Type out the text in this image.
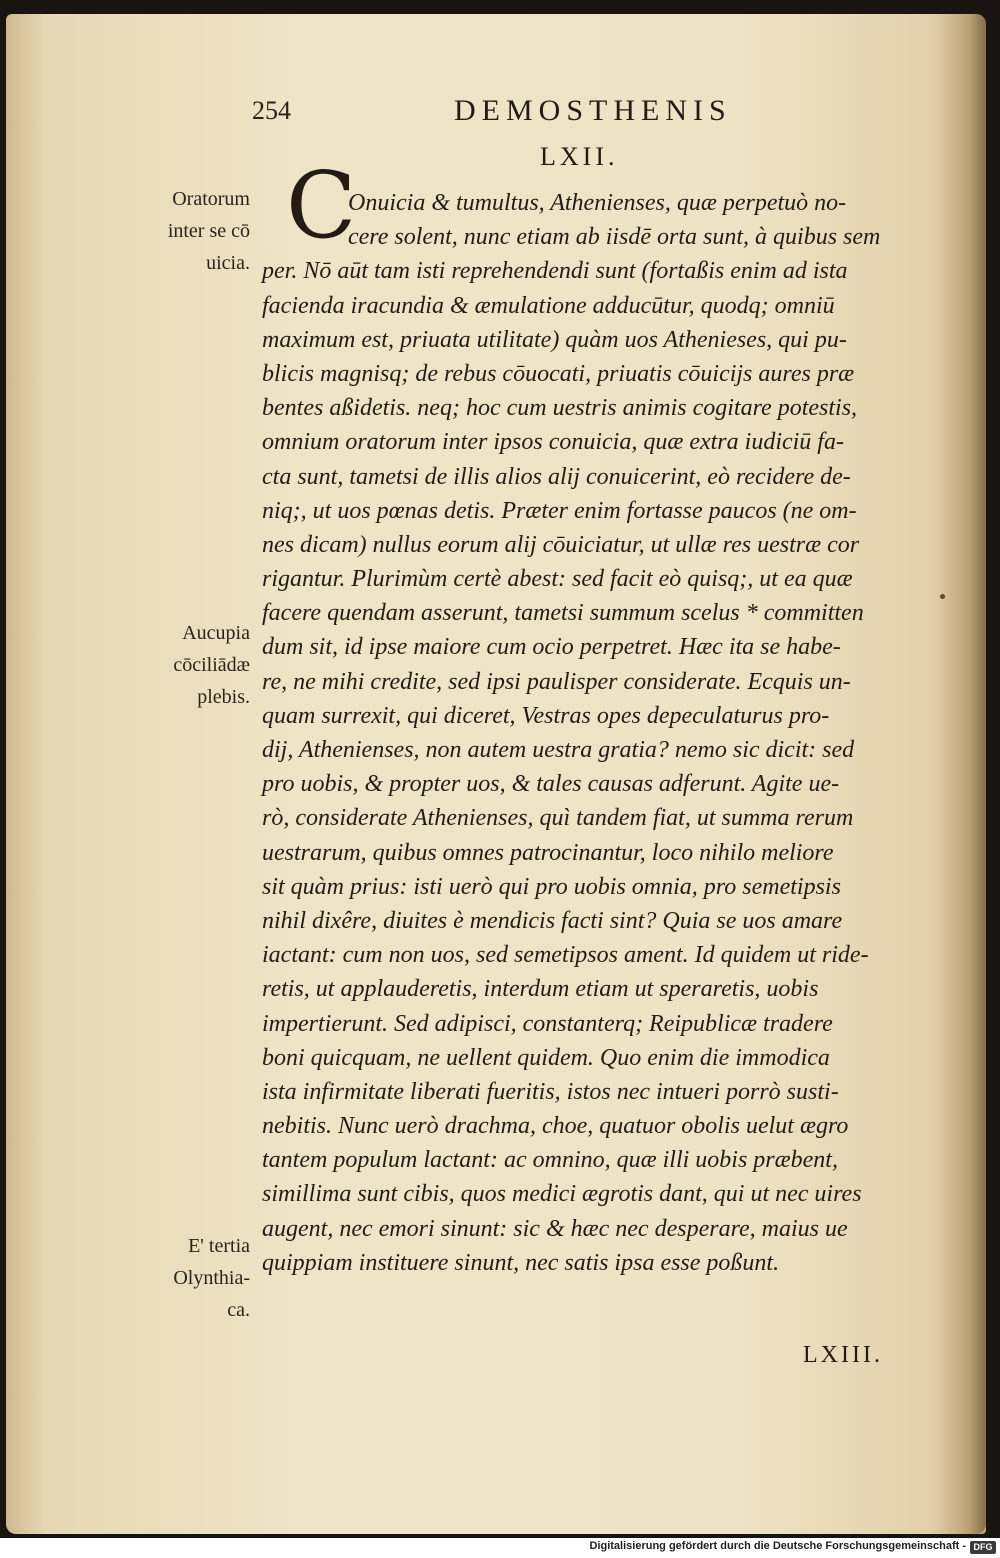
254	DEMOSTHENIS
LXII.
Oratorum
inter se cō
uicia.
Aucupia
cōciliādæ
plebis.
E' tertia
Olynthia-
ca.
C
Onuicia & tumultus, Athenienses, quæ perpetuò no-
cere solent, nunc etiam ab iisdē orta sunt, à quibus sem
per. Nō aūt tam isti reprehendendi sunt (fortaßis enim ad ista
facienda iracundia & æmulatione adducūtur, quodq; omniū
maximum est, priuata utilitate) quàm uos Athenieses, qui pu-
blicis magnisq; de rebus cōuocati, priuatis cōuicijs aures præ
bentes aßidetis. neq; hoc cum uestris animis cogitare potestis,
omnium oratorum inter ipsos conuicia, quæ extra iudiciū fa-
cta sunt, tametsi de illis alios alij conuicerint, eò recidere de-
niq;, ut uos pœnas detis. Præter enim fortasse paucos (ne om-
nes dicam) nullus eorum alij cōuiciatur, ut ullæ res uestræ cor
rigantur. Plurimùm certè abest: sed facit eò quisq;, ut ea quæ
facere quendam asserunt, tametsi summum scelus * committen
dum sit, id ipse maiore cum ocio perpetret. Hæc ita se habe-
re, ne mihi credite, sed ipsi paulisper considerate. Ecquis un-
quam surrexit, qui diceret, Vestras opes depeculaturus pro-
dij, Athenienses, non autem uestra gratia? nemo sic dicit: sed
pro uobis, & propter uos, & tales causas adferunt. Agite ue-
rò, considerate Athenienses, quì tandem fiat, ut summa rerum
uestrarum, quibus omnes patrocinantur, loco nihilo meliore
sit quàm prius: isti uerò qui pro uobis omnia, pro semetipsis
nihil dixêre, diuites è mendicis facti sint? Quia se uos amare
iactant: cum non uos, sed semetipsos ament. Id quidem ut ride-
retis, ut applauderetis, interdum etiam ut sperаretis, uobis
impertierunt. Sed adipisci, constanterq; Reipublicæ tradere
boni quicquam, ne uellent quidem. Quo enim die immodica
ista infirmitate liberati fueritis, istos nec intueri porrò susti-
nebitis. Nunc uerò drachma, choe, quatuor obolis uelut ægro
tantem populum lactant: ac omnino, quæ illi uobis præbent,
simillima sunt cibis, quos medici ægrotis dant, qui ut nec uires
augent, nec emori sinunt: sic & hæc nec desperare, maius ue
quippiam instituere sinunt, nec satis ipsa esse poßunt.
LXIII.
Digitalisierung gefördert durch die Deutsche Forschungsgemeinschaft - DFG
